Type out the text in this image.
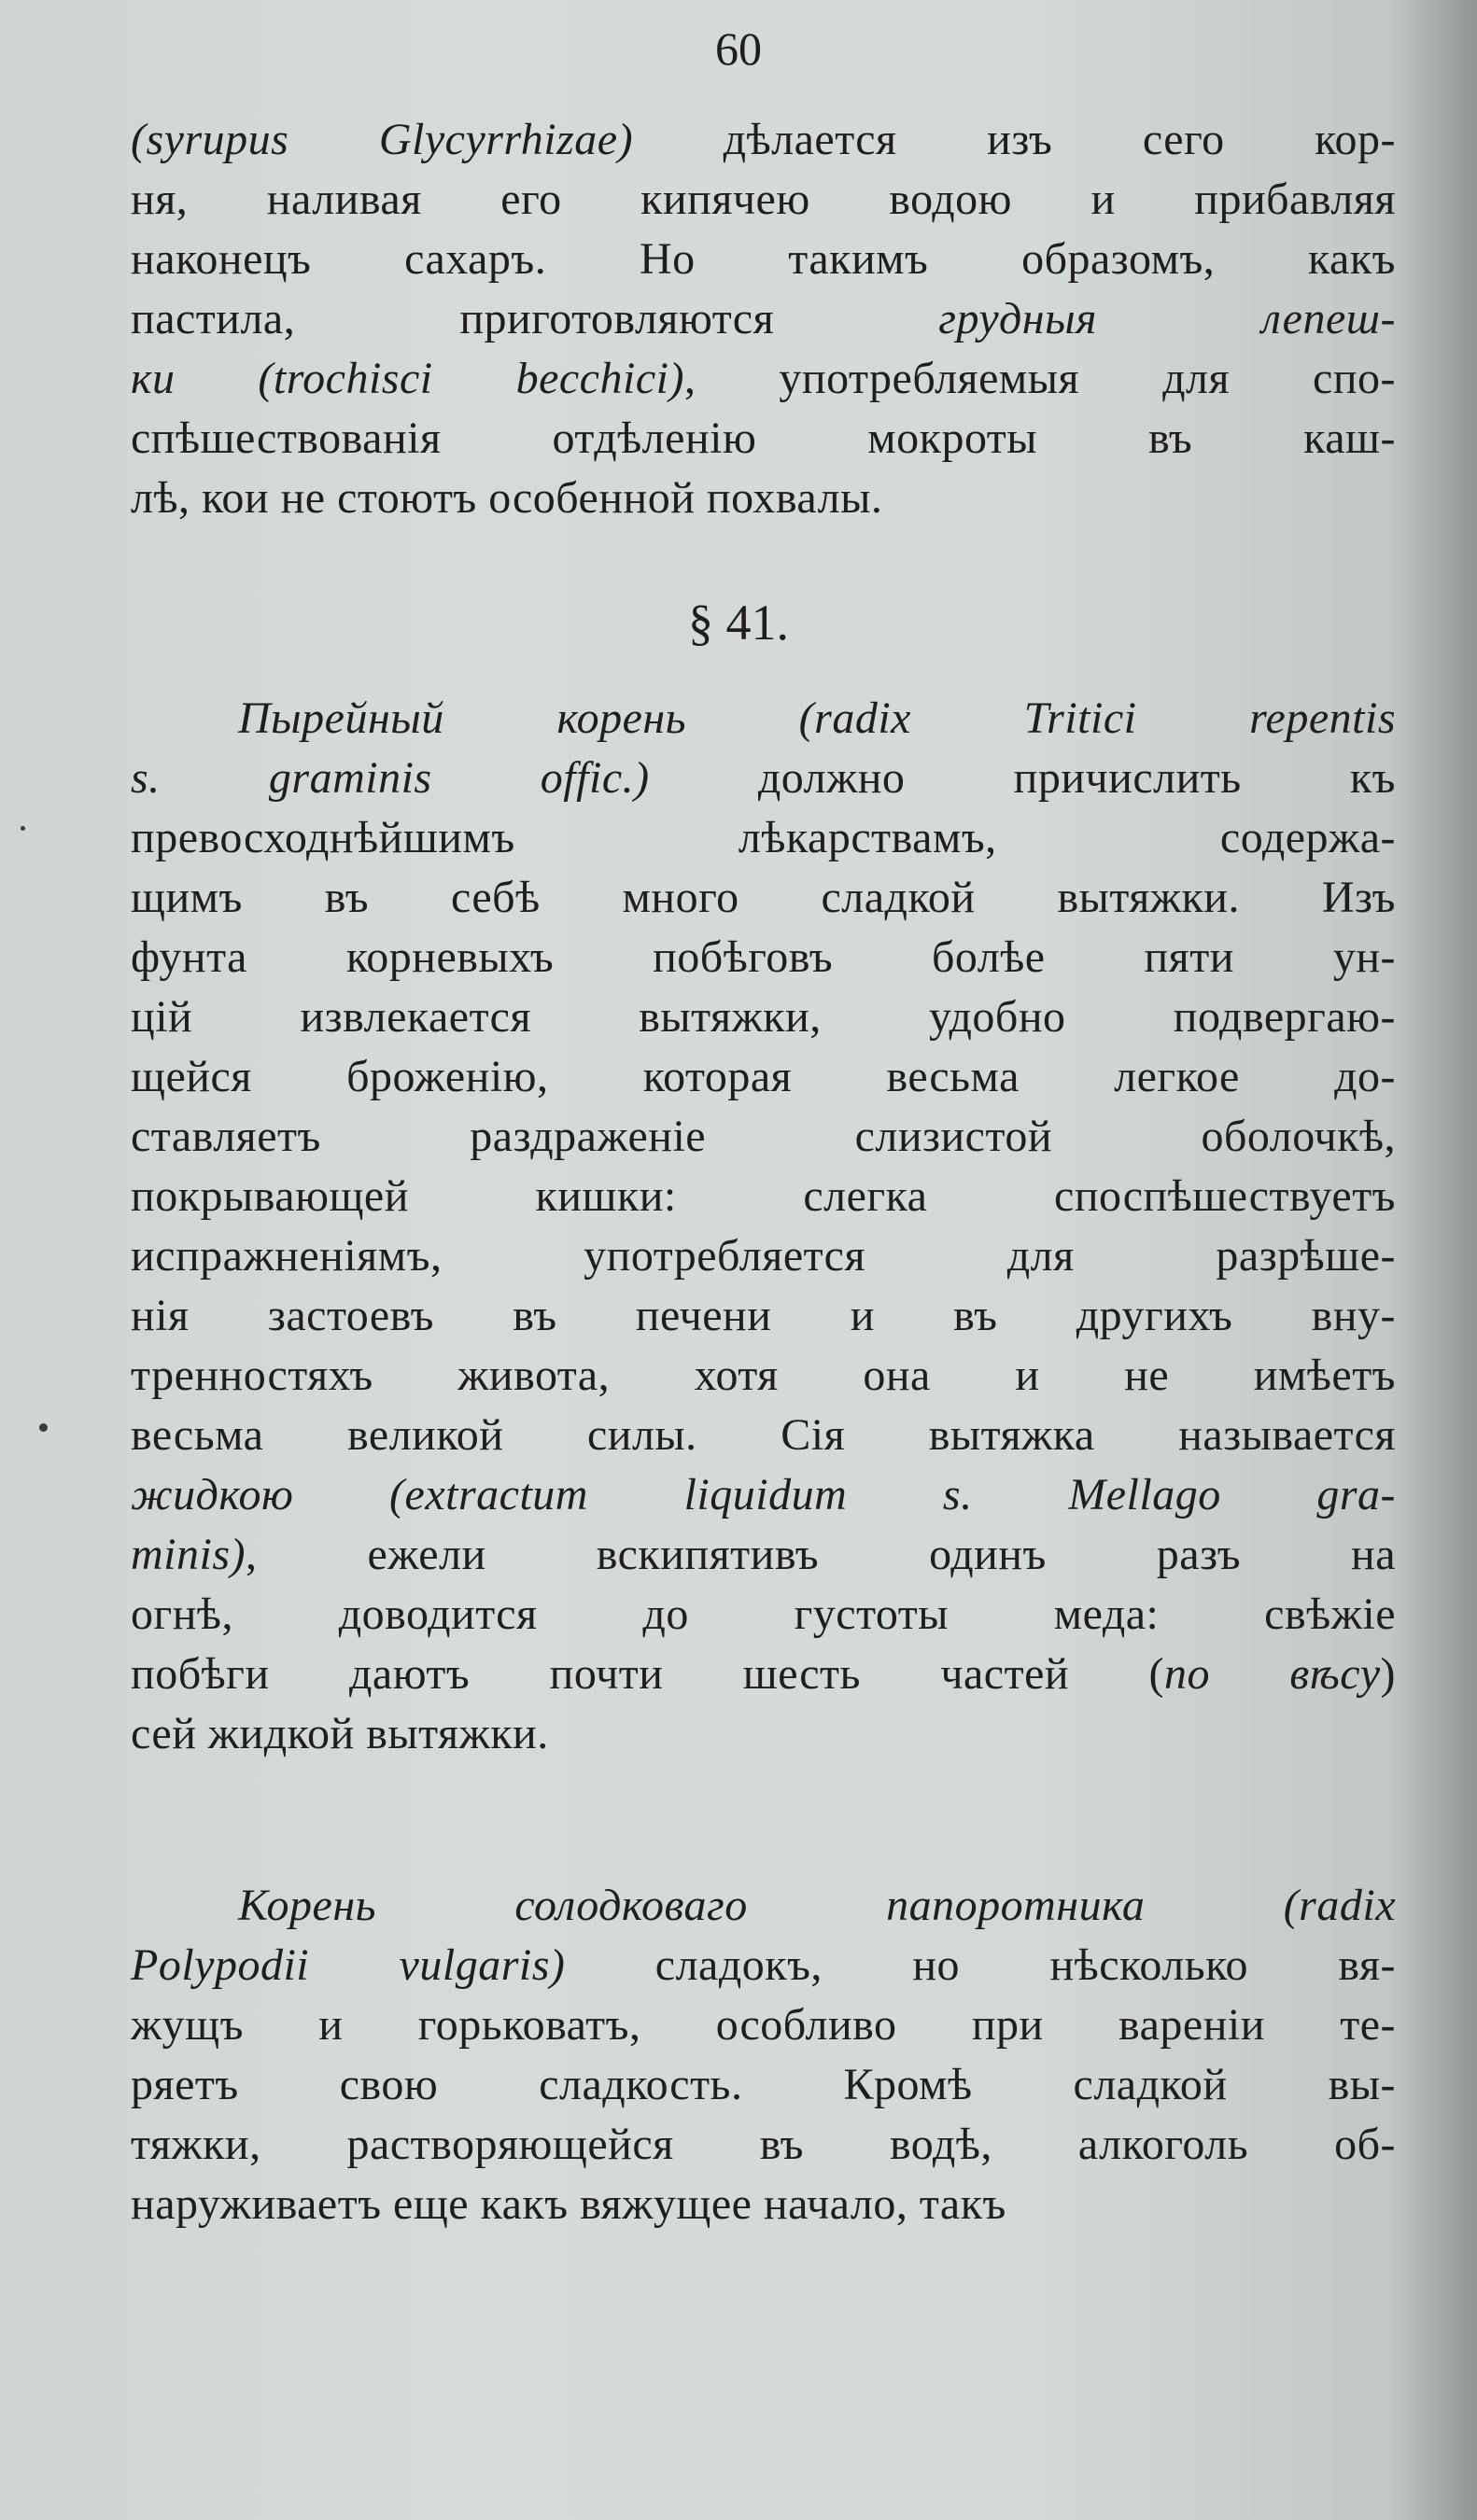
60
(syrupus Glycyrrhizae) дѣлается изъ сего кор-
ня, наливая его кипячею водою и прибавляя
наконецъ сахаръ. Но такимъ образомъ, какъ
пастила, приготовляются грудныя лепеш-
ки (trochisci becchici), употребляемыя для спо-
спѣшествованія отдѣленію мокроты въ каш-
лѣ, кои не стоютъ особенной похвалы.
§ 41.
Пырейный корень (radix Tritici repentis
s. graminis offic.) должно причислить къ
превосходнѣйшимъ лѣкарствамъ, содержа-
щимъ въ себѣ много сладкой вытяжки. Изъ
фунта корневыхъ побѣговъ болѣе пяти ун-
цій извлекается вытяжки, удобно подвергаю-
щейся броженію, которая весьма легкое до-
ставляетъ раздраженіе слизистой оболочкѣ,
покрывающей кишки: слегка споспѣшествуетъ
испражненіямъ, употребляется для разрѣше-
нія застоевъ въ печени и въ другихъ вну-
тренностяхъ живота, хотя она и не имѣетъ
весьма великой силы. Сія вытяжка называется
жидкою (extractum liquidum s. Mellago gra-
minis), ежели вскипятивъ одинъ разъ на
огнѣ, доводится до густоты меда: свѣжіе
побѣги даютъ почти шесть частей (по вѣсу)
сей жидкой вытяжки.
Корень солодковаго папоротника (radix
Polypodii vulgaris) сладокъ, но нѣсколько вя-
жущъ и горьковатъ, особливо при вареніи те-
ряетъ свою сладкость. Кромѣ сладкой вы-
тяжки, растворяющейся въ водѣ, алкоголь об-
наруживаетъ еще какъ вяжущее начало, такъ
